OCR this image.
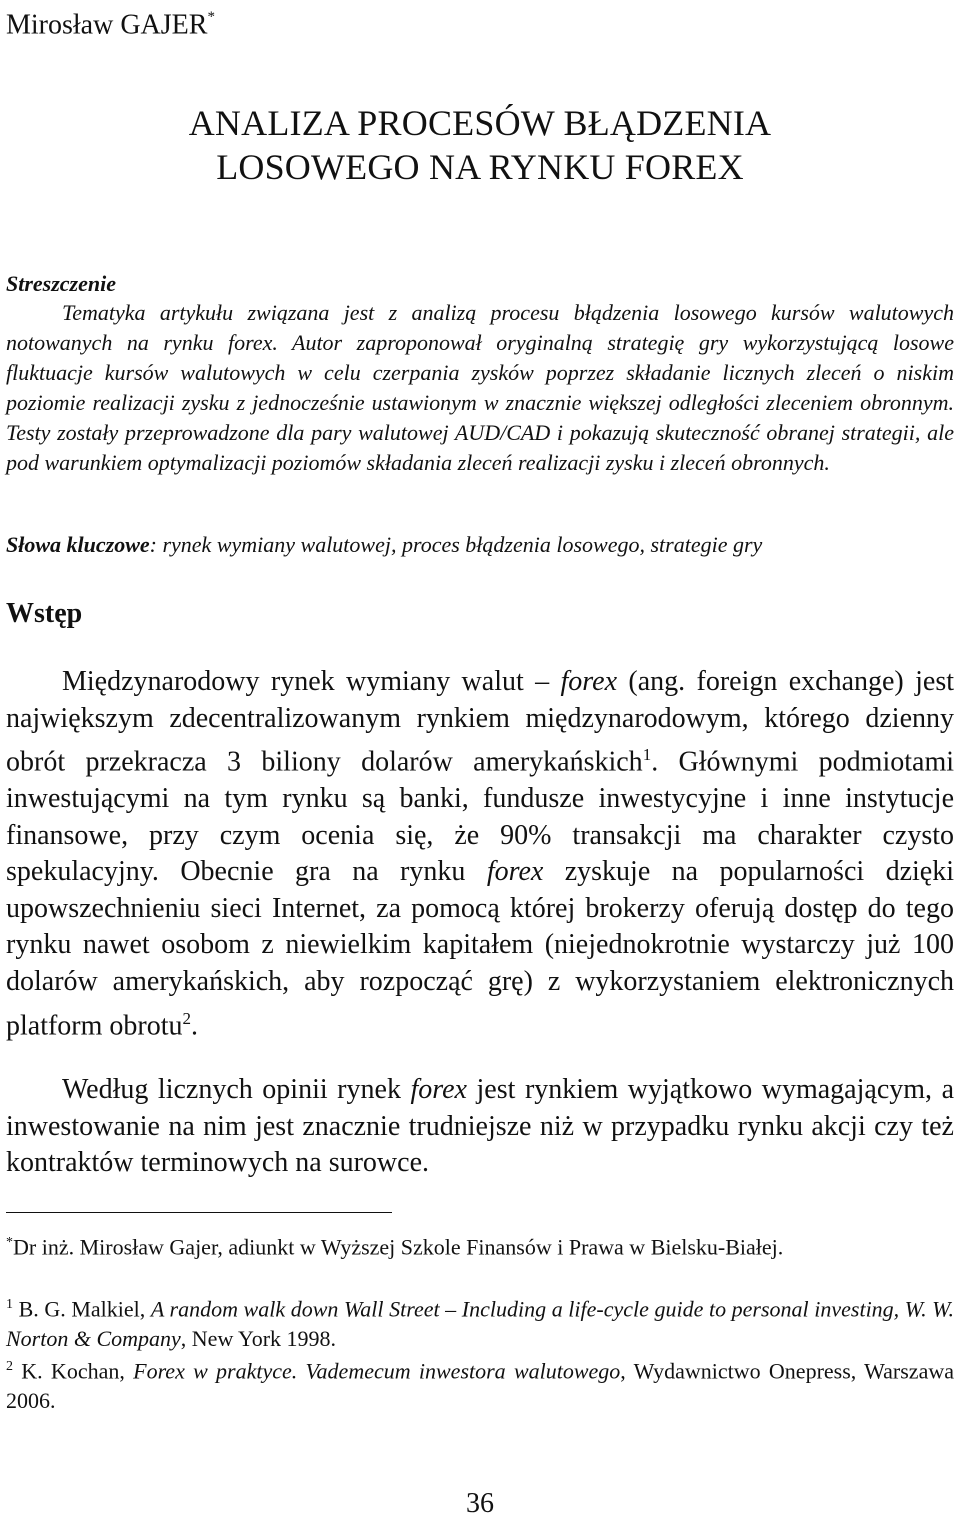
Mirosław GAJER*
ANALIZA PROCESÓW BŁĄDZENIA
LOSOWEGO NA RYNKU FOREX
Streszczenie

Tematyka artykułu związana jest z analizą procesu błądzenia losowego kursów walutowych notowanych na rynku forex. Autor zaproponował oryginalną strategię gry wykorzystującą losowe fluktuacje kursów walutowych w celu czerpania zysków poprzez składanie licznych zleceń o niskim poziomie realizacji zysku z jednocześnie ustawionym w znacznie większej odległości zleceniem obronnym. Testy zostały przeprowadzone dla pary walutowej AUD/CAD i pokazują skuteczność obranej strategii, ale pod warunkiem optymalizacji poziomów składania zleceń realizacji zysku i zleceń obronnych.

Słowa kluczowe: rynek wymiany walutowej, proces błądzenia losowego, strategie gry

Wstęp

Międzynarodowy rynek wymiany walut – forex (ang. foreign exchange) jest największym zdecentralizowanym rynkiem międzynarodowym, którego dzienny obrót przekracza 3 biliony dolarów amerykańskich$^1$. Głównymi podmiotami inwestującymi na tym rynku są banki, fundusze inwestycyjne i inne instytucje finansowe, przy czym ocenia się, że 90% transakcji ma charakter czysto spekulacyjny. Obecnie gra na rynku forex zyskuje na popularności dzięki upowszechnieniu sieci Internet, za pomocą której brokerzy oferują dostęp do tego rynku nawet osobom z niewielkim kapitałem (niejednokrotnie wystarczy już 100 dolarów amerykańskich, aby rozpocząć grę) z wykorzystaniem elektronicznych platform obrotu$^2$.

Według licznych opinii rynek forex jest rynkiem wyjątkowo wymagającym, a inwestowanie na nim jest znacznie trudniejsze niż w przypadku rynku akcji czy też kontraktów terminowych na surowce.

*Dr inż. Mirosław Gajer, adiunkt w Wyższej Szkole Finansów i Prawa w Bielsku-Białej.

$^1$ B. G. Malkiel, A random walk down Wall Street – Including a life-cycle guide to personal investing, W. W. Norton & Company, New York 1998.

$^2$ K. Kochan, Forex w praktyce. Vademecum inwestora walutowego, Wydawnictwo Onepress, Warszawa 2006.

36
